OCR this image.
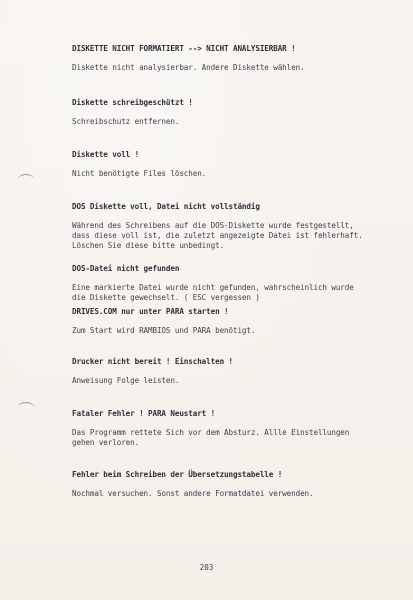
DISKETTE NICHT FORMATIERT --> NICHT ANALYSIERBAR !
Diskette nicht analysierbar. Andere Diskette wählen.
Diskette schreibgeschützt !
Schreibschutz entfernen.
Diskette voll !
Nicht benötigte Files löschen.
DOS Diskette voll, Datei nicht vollständig
Während des Schreibens auf die DOS-Diskette wurde festgestellt,
dass diese voll ist, die zuletzt angezeigte Datei ist fehlerhaft.
Löschen Sie diese bitte unbedingt.
DOS-Datei nicht gefunden
Eine markierte Datei wurde nicht gefunden, wahrscheinlich wurde
die Diskette gewechselt. ( ESC vergessen )
DRIVES.COM nur unter PARA starten !
Zum Start wird RAMBIOS und PARA benötigt.
Drucker nicht bereit ! Einschalten !
Anweisung Folge leisten.
Fataler Fehler ! PARA Neustart !
Das Programm rettete Sich vor dem Absturz. Allle Einstellungen
gehen verloren.
Fehler beim Schreiben der Übersetzungstabelle !
Nochmal versuchen. Sonst andere Formatdatei verwenden.
203
